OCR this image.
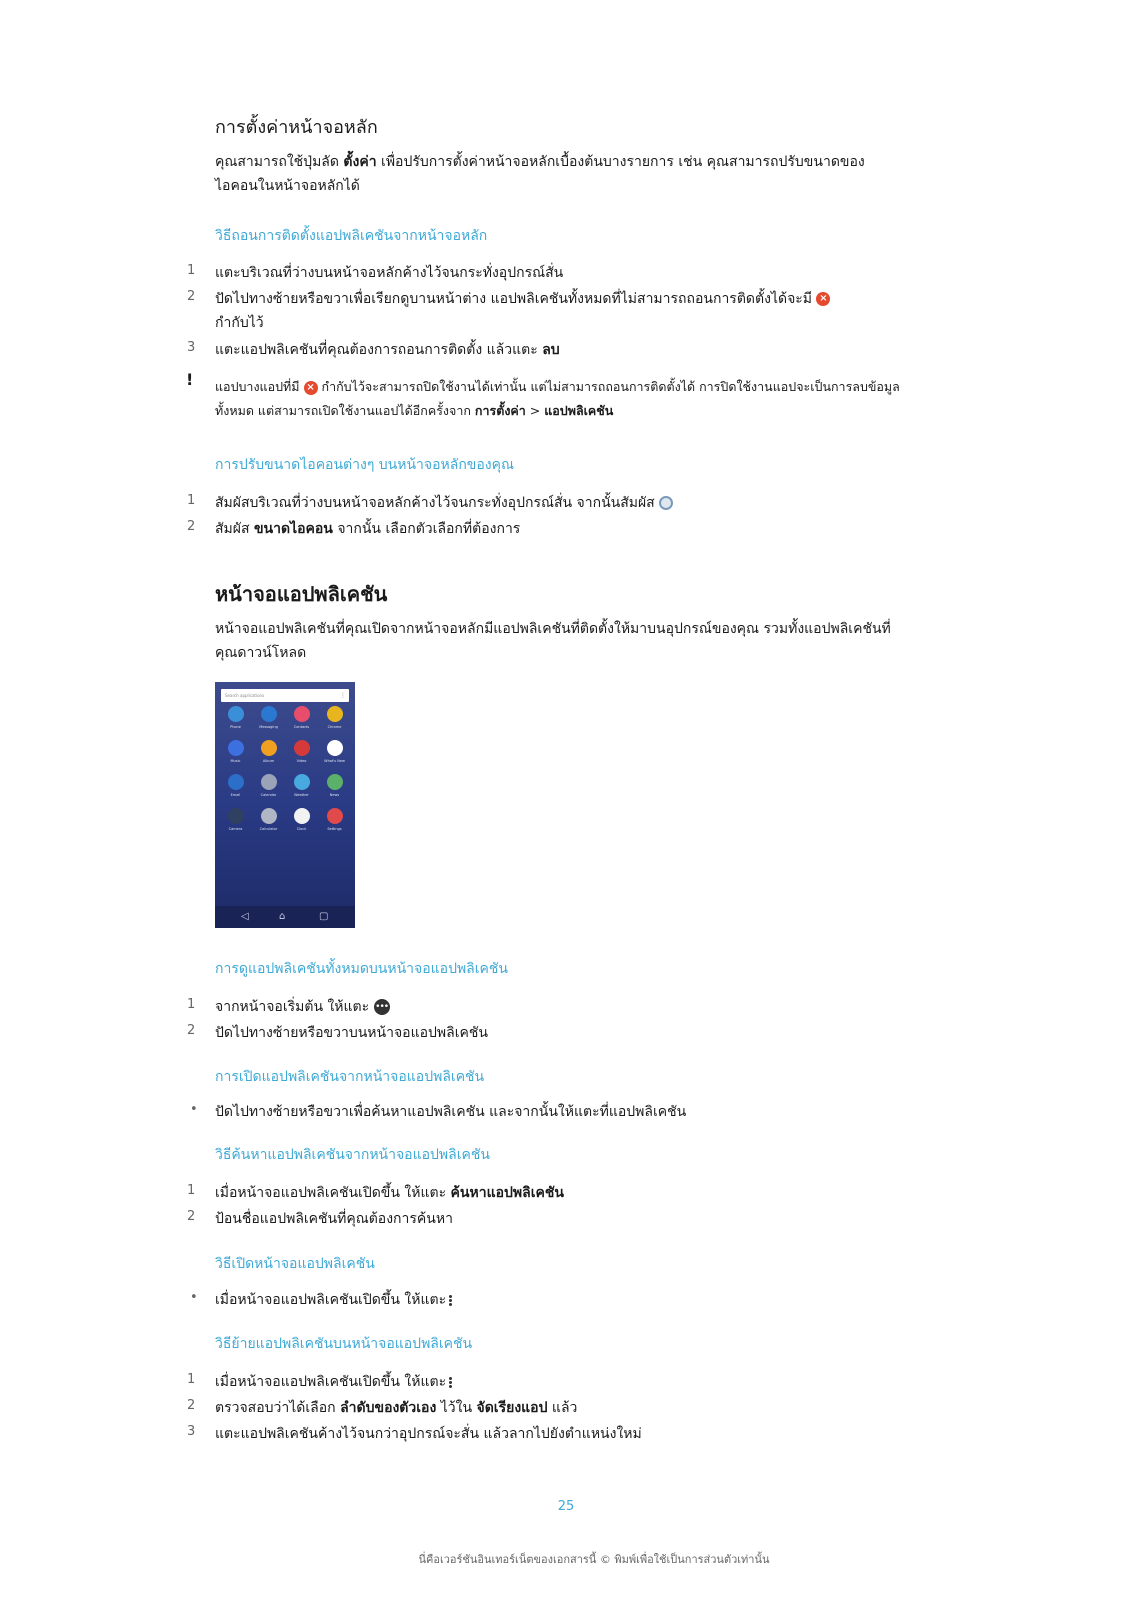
การตั้งค่าหน้าจอหลัก
คุณสามารถใช้ปุ่มลัด ตั้งค่า เพื่อปรับการตั้งค่าหน้าจอหลักเบื้องต้นบางรายการ เช่น คุณสามารถปรับขนาดของ
ไอคอนในหน้าจอหลักได้
วิธีถอนการติดตั้งแอปพลิเคชันจากหน้าจอหลัก
1	แตะบริเวณที่ว่างบนหน้าจอหลักค้างไว้จนกระทั่งอุปกรณ์สั่น
2	ปัดไปทางซ้ายหรือขวาเพื่อเรียกดูบานหน้าต่าง แอปพลิเคชันทั้งหมดที่ไม่สามารถถอนการติดตั้งได้จะมี ×
กำกับไว้
3	แตะแอปพลิเคชันที่คุณต้องการถอนการติดตั้ง แล้วแตะ ลบ
! แอปบางแอปที่มี × กำกับไว้จะสามารถปิดใช้งานได้เท่านั้น แต่ไม่สามารถถอนการติดตั้งได้ การปิดใช้งานแอปจะเป็นการลบข้อมูล
ทั้งหมด แต่สามารถเปิดใช้งานแอปได้อีกครั้งจาก การตั้งค่า > แอปพลิเคชัน
การปรับขนาดไอคอนต่างๆ บนหน้าจอหลักของคุณ
1	สัมผัสบริเวณที่ว่างบนหน้าจอหลักค้างไว้จนกระทั่งอุปกรณ์สั่น จากนั้นสัมผัส
2	สัมผัส ขนาดไอคอน จากนั้น เลือกตัวเลือกที่ต้องการ
หน้าจอแอปพลิเคชัน
หน้าจอแอปพลิเคชันที่คุณเปิดจากหน้าจอหลักมีแอปพลิเคชันที่ติดตั้งให้มาบนอุปกรณ์ของคุณ รวมทั้งแอปพลิเคชันที่
คุณดาวน์โหลด
Search applications	⋮
Phone	Messaging	Contacts	Chrome
Music	Album	Video	What's New
Email	Calendar	Weather	News
Camera	Calculator	Clock	Settings
◁	⌂	▢
การดูแอปพลิเคชันทั้งหมดบนหน้าจอแอปพลิเคชัน
1	จากหน้าจอเริ่มต้น ให้แตะ •••
2	ปัดไปทางซ้ายหรือขวาบนหน้าจอแอปพลิเคชัน
การเปิดแอปพลิเคชันจากหน้าจอแอปพลิเคชัน
•	ปัดไปทางซ้ายหรือขวาเพื่อค้นหาแอปพลิเคชัน และจากนั้นให้แตะที่แอปพลิเคชัน
วิธีค้นหาแอปพลิเคชันจากหน้าจอแอปพลิเคชัน
1	เมื่อหน้าจอแอปพลิเคชันเปิดขึ้น ให้แตะ ค้นหาแอปพลิเคชัน
2	ป้อนชื่อแอปพลิเคชันที่คุณต้องการค้นหา
วิธีเปิดหน้าจอแอปพลิเคชัน
•	เมื่อหน้าจอแอปพลิเคชันเปิดขึ้น ให้แตะ
วิธีย้ายแอปพลิเคชันบนหน้าจอแอปพลิเคชัน
1	เมื่อหน้าจอแอปพลิเคชันเปิดขึ้น ให้แตะ
2	ตรวจสอบว่าได้เลือก ลำดับของตัวเอง ไว้ใน จัดเรียงแอป แล้ว
3	แตะแอปพลิเคชันค้างไว้จนกว่าอุปกรณ์จะสั่น แล้วลากไปยังตำแหน่งใหม่
25
นี่คือเวอร์ชันอินเทอร์เน็ตของเอกสารนี้ © พิมพ์เพื่อใช้เป็นการส่วนตัวเท่านั้น
